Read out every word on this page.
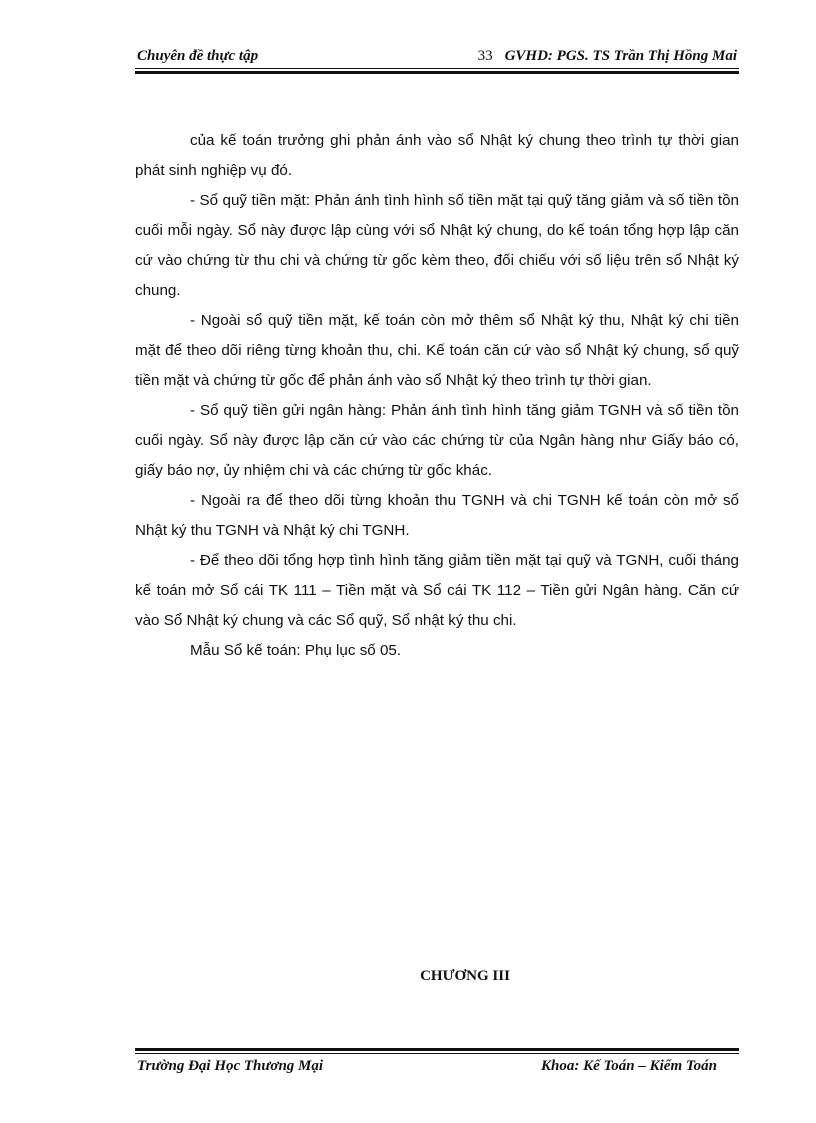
Chuyên đề thực tập	33 GVHD: PGS. TS Trần Thị Hồng Mai

của kế toán trưởng ghi phản ánh vào sổ Nhật ký chung theo trình tự thời gian phát sinh nghiệp vụ đó.

- Sổ quỹ tiền mặt: Phản ánh tình hình số tiền mặt tại quỹ tăng giảm và số tiền tồn cuối mỗi ngày. Sổ này được lập cùng với sổ Nhật ký chung, do kế toán tổng hợp lập căn cứ vào chứng từ thu chi và chứng từ gốc kèm theo, đối chiếu với số liệu trên sổ Nhật ký chung.

- Ngoài sổ quỹ tiền mặt, kế toán còn mở thêm sổ Nhật ký thu, Nhật ký chi tiền mặt để theo dõi riêng từng khoản thu, chi. Kế toán căn cứ vào sổ Nhật ký chung, sổ quỹ tiền mặt và chứng từ gốc để phản ánh vào sổ Nhật ký theo trình tự thời gian.

- Sổ quỹ tiền gửi ngân hàng: Phản ánh tình hình tăng giảm TGNH và số tiền tồn cuối ngày. Sổ này được lập căn cứ vào các chứng từ của Ngân hàng như Giấy báo có, giấy báo nợ, ủy nhiệm chi và các chứng từ gốc khác.

- Ngoài ra để theo dõi từng khoản thu TGNH và chi TGNH kế toán còn mở sổ Nhật ký thu TGNH và Nhật ký chi TGNH.

- Để theo dõi tổng hợp tình hình tăng giảm tiền mặt tại quỹ và TGNH, cuối tháng kế toán mở Sổ cái TK 111 – Tiền mặt và Sổ cái TK 112 – Tiền gửi Ngân hàng. Căn cứ vào Sổ Nhật ký chung và các Sổ quỹ, Sổ nhật ký thu chi.

Mẫu Sổ kế toán: Phụ lục số 05.

CHƯƠNG III
Trường Đại Học Thương Mại	Khoa: Kế Toán – Kiểm Toán
